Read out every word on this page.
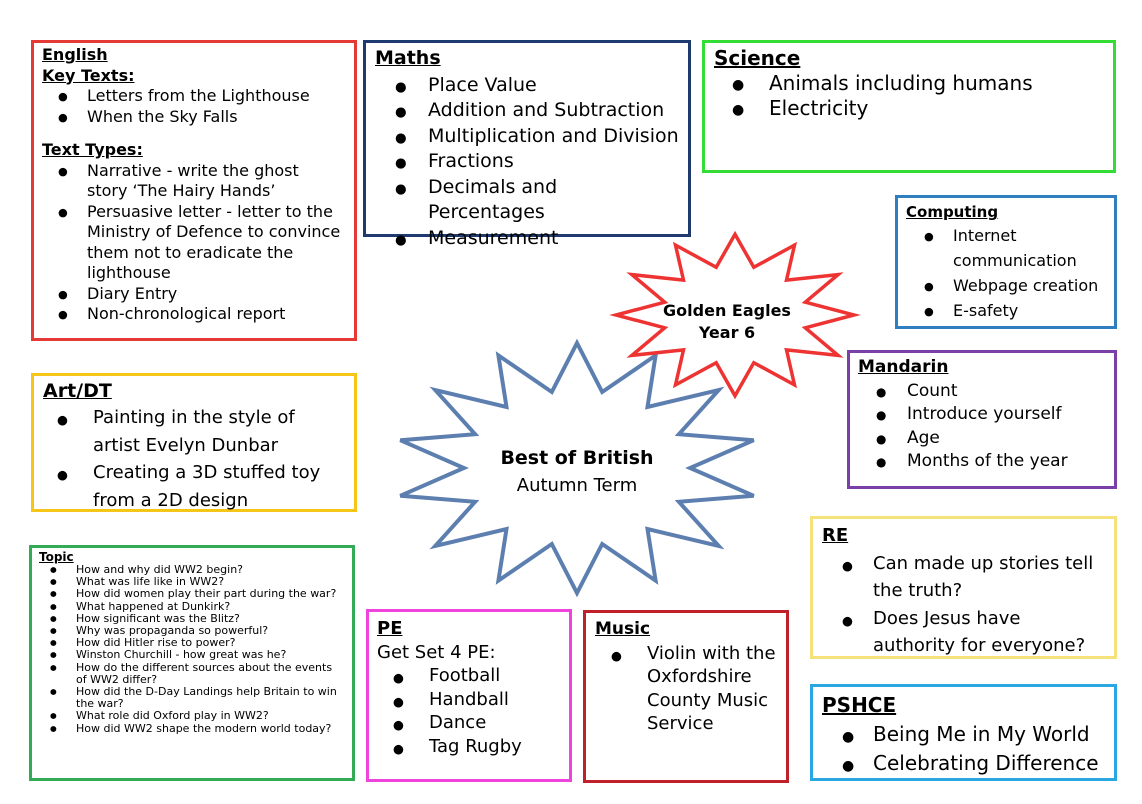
English
Key Texts:
● Letters from the Lighthouse
● When the Sky Falls
Text Types:
● Narrative - write the ghost
story ‘The Hairy Hands’
● Persuasive letter - letter to the Ministry of Defence to convince them not to eradicate the lighthouse
● Diary Entry
● Non-chronological report
Maths
● Place Value
● Addition and Subtraction
● Multiplication and Division
● Fractions
● Decimals and Percentages
● Measurement
Science
● Animals including humans
● Electricity
Computing
● Internet communication
● Webpage creation
● E-safety
Mandarin
● Count
● Introduce yourself
● Age
● Months of the year
Art/DT
● Painting in the style of artist Evelyn Dunbar
● Creating a 3D stuffed toy from a 2D design
Topic
● How and why did WW2 begin?
● What was life like in WW2?
● How did women play their part during the war?
● What happened at Dunkirk?
● How significant was the Blitz?
● Why was propaganda so powerful?
● How did Hitler rise to power?
● Winston Churchill - how great was he?
● How do the different sources about the events of WW2 differ?
● How did the D-Day Landings help Britain to win the war?
● What role did Oxford play in WW2?
● How did WW2 shape the modern world today?
PE
Get Set 4 PE:
● Football
● Handball
● Dance
● Tag Rugby
Music
● Violin with the Oxfordshire County Music Service
RE
● Can made up stories tell the truth?
● Does Jesus have authority for everyone?
PSHCE
● Being Me in My World
● Celebrating Difference
Best of British
Autumn Term
Golden Eagles
Year 6
